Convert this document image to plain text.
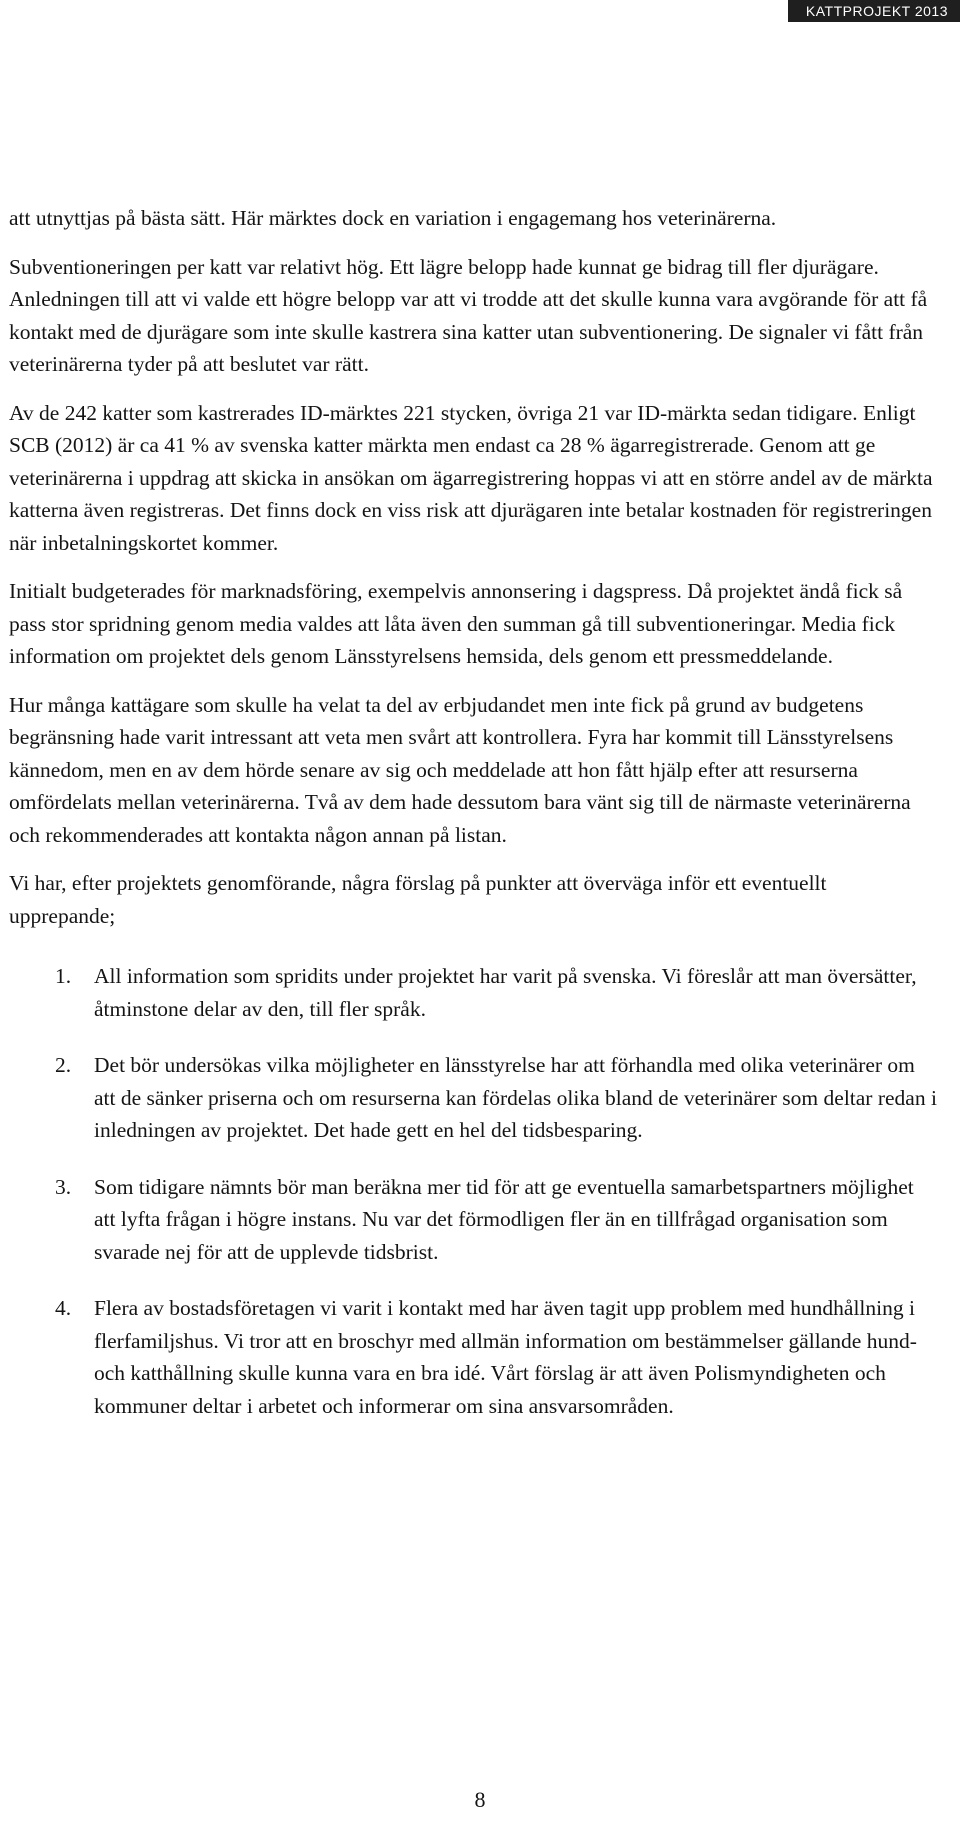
KATTPROJEKT 2013

att utnyttjas på bästa sätt. Här märktes dock en variation i engagemang hos veterinärerna.

Subventioneringen per katt var relativt hög. Ett lägre belopp hade kunnat ge bidrag till fler djurägare. Anledningen till att vi valde ett högre belopp var att vi trodde att det skulle kunna vara avgörande för att få kontakt med de djurägare som inte skulle kastrera sina katter utan subventionering. De signaler vi fått från veterinärerna tyder på att beslutet var rätt.

Av de 242 katter som kastrerades ID-märktes 221 stycken, övriga 21 var ID-märkta sedan tidigare. Enligt SCB (2012) är ca 41 % av svenska katter märkta men endast ca 28 % ägarregistrerade. Genom att ge veterinärerna i uppdrag att skicka in ansökan om ägarregistrering hoppas vi att en större andel av de märkta katterna även registreras. Det finns dock en viss risk att djurägaren inte betalar kostnaden för registreringen när inbetalningskortet kommer.

Initialt budgeterades för marknadsföring, exempelvis annonsering i dagspress. Då projektet ändå fick så pass stor spridning genom media valdes att låta även den summan gå till subventioneringar. Media fick information om projektet dels genom Länsstyrelsens hemsida, dels genom ett pressmeddelande.

Hur många kattägare som skulle ha velat ta del av erbjudandet men inte fick på grund av budgetens begränsning hade varit intressant att veta men svårt att kontrollera. Fyra har kommit till Länsstyrelsens kännedom, men en av dem hörde senare av sig och meddelade att hon fått hjälp efter att resurserna omfördelats mellan veterinärerna. Två av dem hade dessutom bara vänt sig till de närmaste veterinärerna och rekommenderades att kontakta någon annan på listan.

Vi har, efter projektets genomförande, några förslag på punkter att överväga inför ett eventuellt upprepande;

1. All information som spridits under projektet har varit på svenska. Vi föreslår att man översätter, åtminstone delar av den, till fler språk.
2. Det bör undersökas vilka möjligheter en länsstyrelse har att förhandla med olika veterinärer om att de sänker priserna och om resurserna kan fördelas olika bland de veterinärer som deltar redan i inledningen av projektet. Det hade gett en hel del tidsbesparing.
3. Som tidigare nämnts bör man beräkna mer tid för att ge eventuella samarbetspartners möjlighet att lyfta frågan i högre instans. Nu var det förmodligen fler än en tillfrågad organisation som svarade nej för att de upplevde tidsbrist.
4. Flera av bostadsföretagen vi varit i kontakt med har även tagit upp problem med hundhållning i flerfamiljshus. Vi tror att en broschyr med allmän information om bestämmelser gällande hund- och katthållning skulle kunna vara en bra idé. Vårt förslag är att även Polismyndigheten och kommuner deltar i arbetet och informerar om sina ansvarsområden.
8
